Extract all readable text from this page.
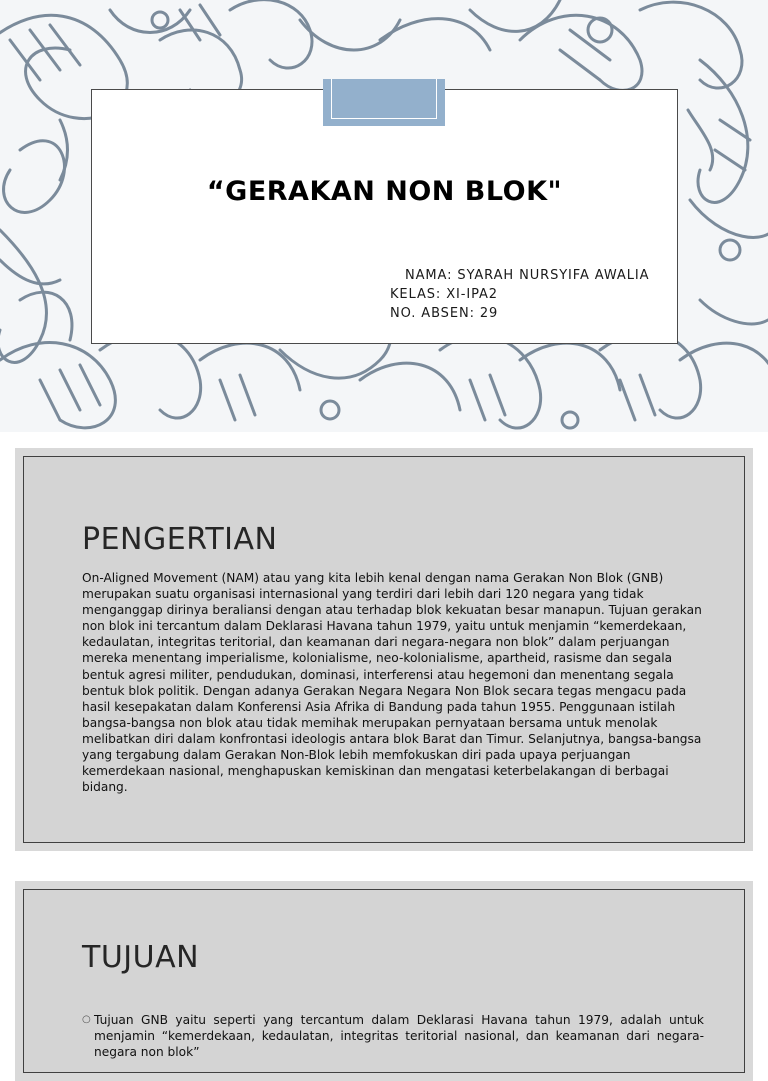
“GERAKAN NON BLOK"
NAMA: SYARAH NURSYIFA AWALIA
KELAS: XI-IPA2
NO. ABSEN: 29
PENGERTIAN
On-Aligned Movement (NAM) atau yang kita lebih kenal dengan nama Gerakan Non Blok (GNB) merupakan suatu organisasi internasional yang terdiri dari lebih dari 120 negara yang tidak menganggap dirinya beraliansi dengan atau terhadap blok kekuatan besar manapun. Tujuan gerakan non blok ini tercantum dalam Deklarasi Havana tahun 1979, yaitu untuk menjamin “kemerdekaan, kedaulatan, integritas teritorial, dan keamanan dari negara-negara non blok” dalam perjuangan mereka menentang imperialisme, kolonialisme, neo-kolonialisme, apartheid, rasisme dan segala bentuk agresi militer, pendudukan, dominasi, interferensi atau hegemoni dan menentang segala bentuk blok politik. Dengan adanya Gerakan Negara Negara Non Blok secara tegas mengacu pada hasil kesepakatan dalam Konferensi Asia Afrika di Bandung pada tahun 1955. Penggunaan istilah bangsa-bangsa non blok atau tidak memihak merupakan pernyataan bersama untuk menolak melibatkan diri dalam konfrontasi ideologis antara blok Barat dan Timur. Selanjutnya, bangsa-bangsa yang tergabung dalam Gerakan Non-Blok lebih memfokuskan diri pada upaya perjuangan kemerdekaan nasional, menghapuskan kemiskinan dan mengatasi keterbelakangan di berbagai bidang.
TUJUAN
○ Tujuan GNB yaitu seperti yang tercantum dalam Deklarasi Havana tahun 1979, adalah untuk menjamin “kemerdekaan, kedaulatan, integritas teritorial nasional, dan keamanan dari negara-negara non blok”
